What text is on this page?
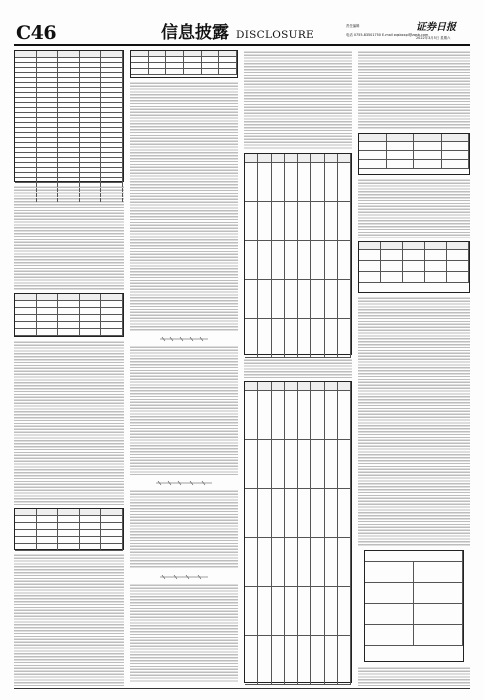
C46	信息披露 DISCLOSURE
责任编辑
电话 0755-83501750 E-mail zqsbxxpl@zqsb.com
证券日报
2022年3月5日 星期六
